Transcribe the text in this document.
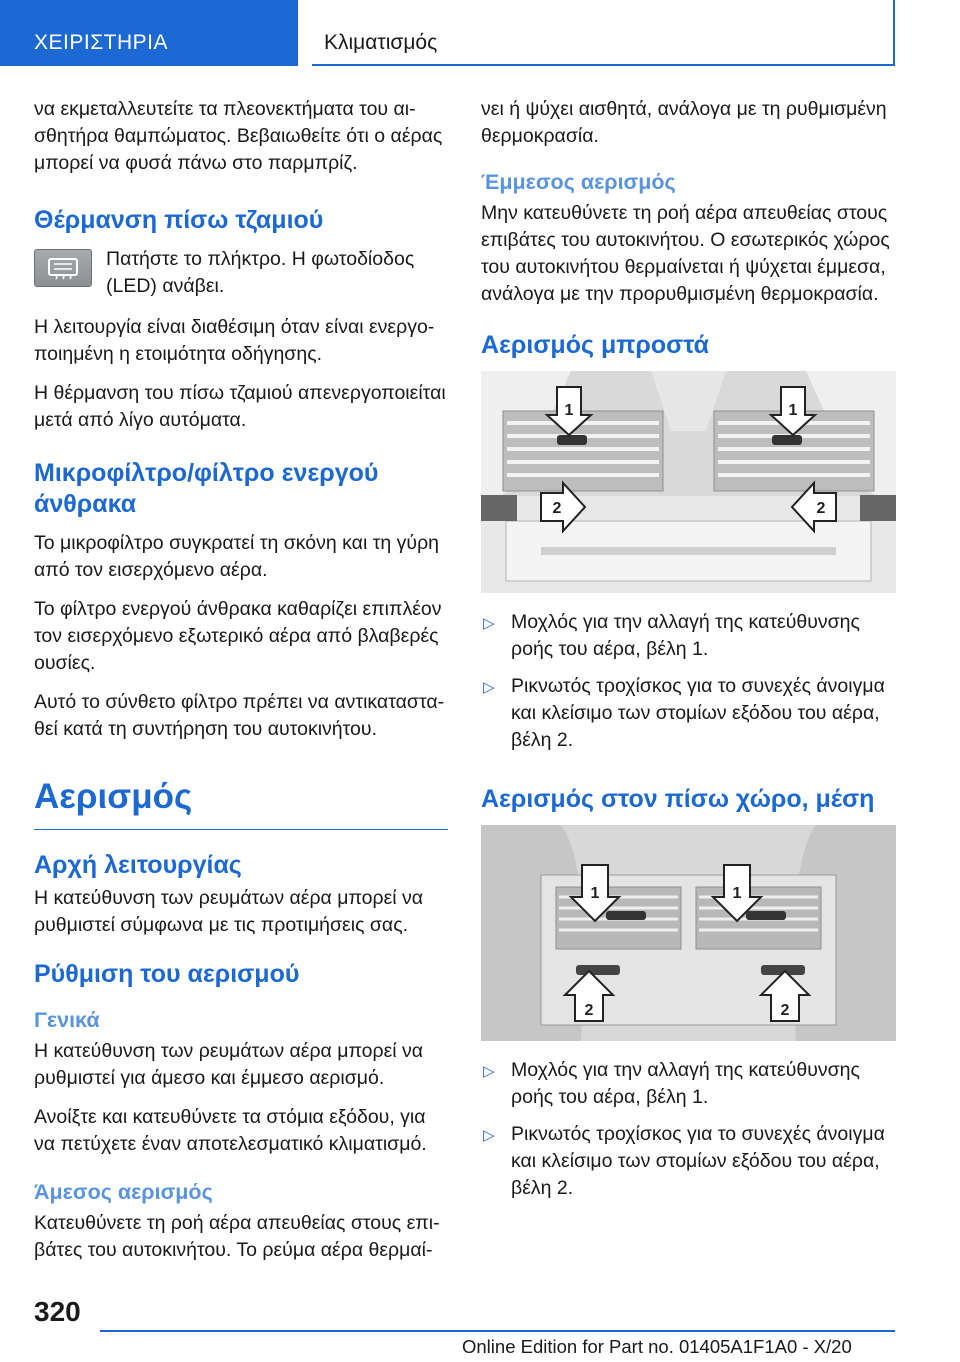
ΧΕΙΡΙΣΤΗΡΙΑ	Κλιματισμός

να εκμεταλλευτείτε τα πλεονεκτήματα του αι-σθητήρα θαμπώματος. Βεβαιωθείτε ότι ο αέρας μπορεί να φυσά πάνω στο παρμπρίζ.

Θέρμανση πίσω τζαμιού

Πατήστε το πλήκτρο. Η φωτοδίοδος (LED) ανάβει.

Η λειτουργία είναι διαθέσιμη όταν είναι ενεργο-ποιημένη η ετοιμότητα οδήγησης.

Η θέρμανση του πίσω τζαμιού απενεργοποιείται μετά από λίγο αυτόματα.

Μικροφίλτρο/φίλτρο ενεργού άνθρακα

Το μικροφίλτρο συγκρατεί τη σκόνη και τη γύρη από τον εισερχόμενο αέρα.

Το φίλτρο ενεργού άνθρακα καθαρίζει επιπλέον τον εισερχόμενο εξωτερικό αέρα από βλαβερές ουσίες.

Αυτό το σύνθετο φίλτρο πρέπει να αντικαταστα-θεί κατά τη συντήρηση του αυτοκινήτου.

Αερισμός
Αρχή λειτουργίας

Η κατεύθυνση των ρευμάτων αέρα μπορεί να ρυθμιστεί σύμφωνα με τις προτιμήσεις σας.

Ρύθμιση του αερισμού
Γενικά

Η κατεύθυνση των ρευμάτων αέρα μπορεί να ρυθμιστεί για άμεσο και έμμεσο αερισμό.

Ανοίξτε και κατευθύνετε τα στόμια εξόδου, για να πετύχετε έναν αποτελεσματικό κλιματισμό.

Άμεσος αερισμός

Κατευθύνετε τη ροή αέρα απευθείας στους επι-βάτες του αυτοκινήτου. Το ρεύμα αέρα θερμαί-

νει ή ψύχει αισθητά, ανάλογα με τη ρυθμισμένη θερμοκρασία.

Έμμεσος αερισμός

Μην κατευθύνετε τη ροή αέρα απευθείας στους επιβάτες του αυτοκινήτου. Ο εσωτερικός χώρος του αυτοκινήτου θερμαίνεται ή ψύχεται έμμεσα, ανάλογα με την προρυθμισμένη θερμοκρασία.

Αερισμός μπροστά
1	1
2	2
▷ Μοχλός για την αλλαγή της κατεύθυνσης ροής του αέρα, βέλη 1.
▷ Ρικνωτός τροχίσκος για το συνεχές άνοιγμα και κλείσιμο των στομίων εξόδου του αέρα, βέλη 2.
Αερισμός στον πίσω χώρο, μέση
1	1
2	2
▷ Μοχλός για την αλλαγή της κατεύθυνσης ροής του αέρα, βέλη 1.
▷ Ρικνωτός τροχίσκος για το συνεχές άνοιγμα και κλείσιμο των στομίων εξόδου του αέρα, βέλη 2.
320
Online Edition for Part no. 01405A1F1A0 - X/20
